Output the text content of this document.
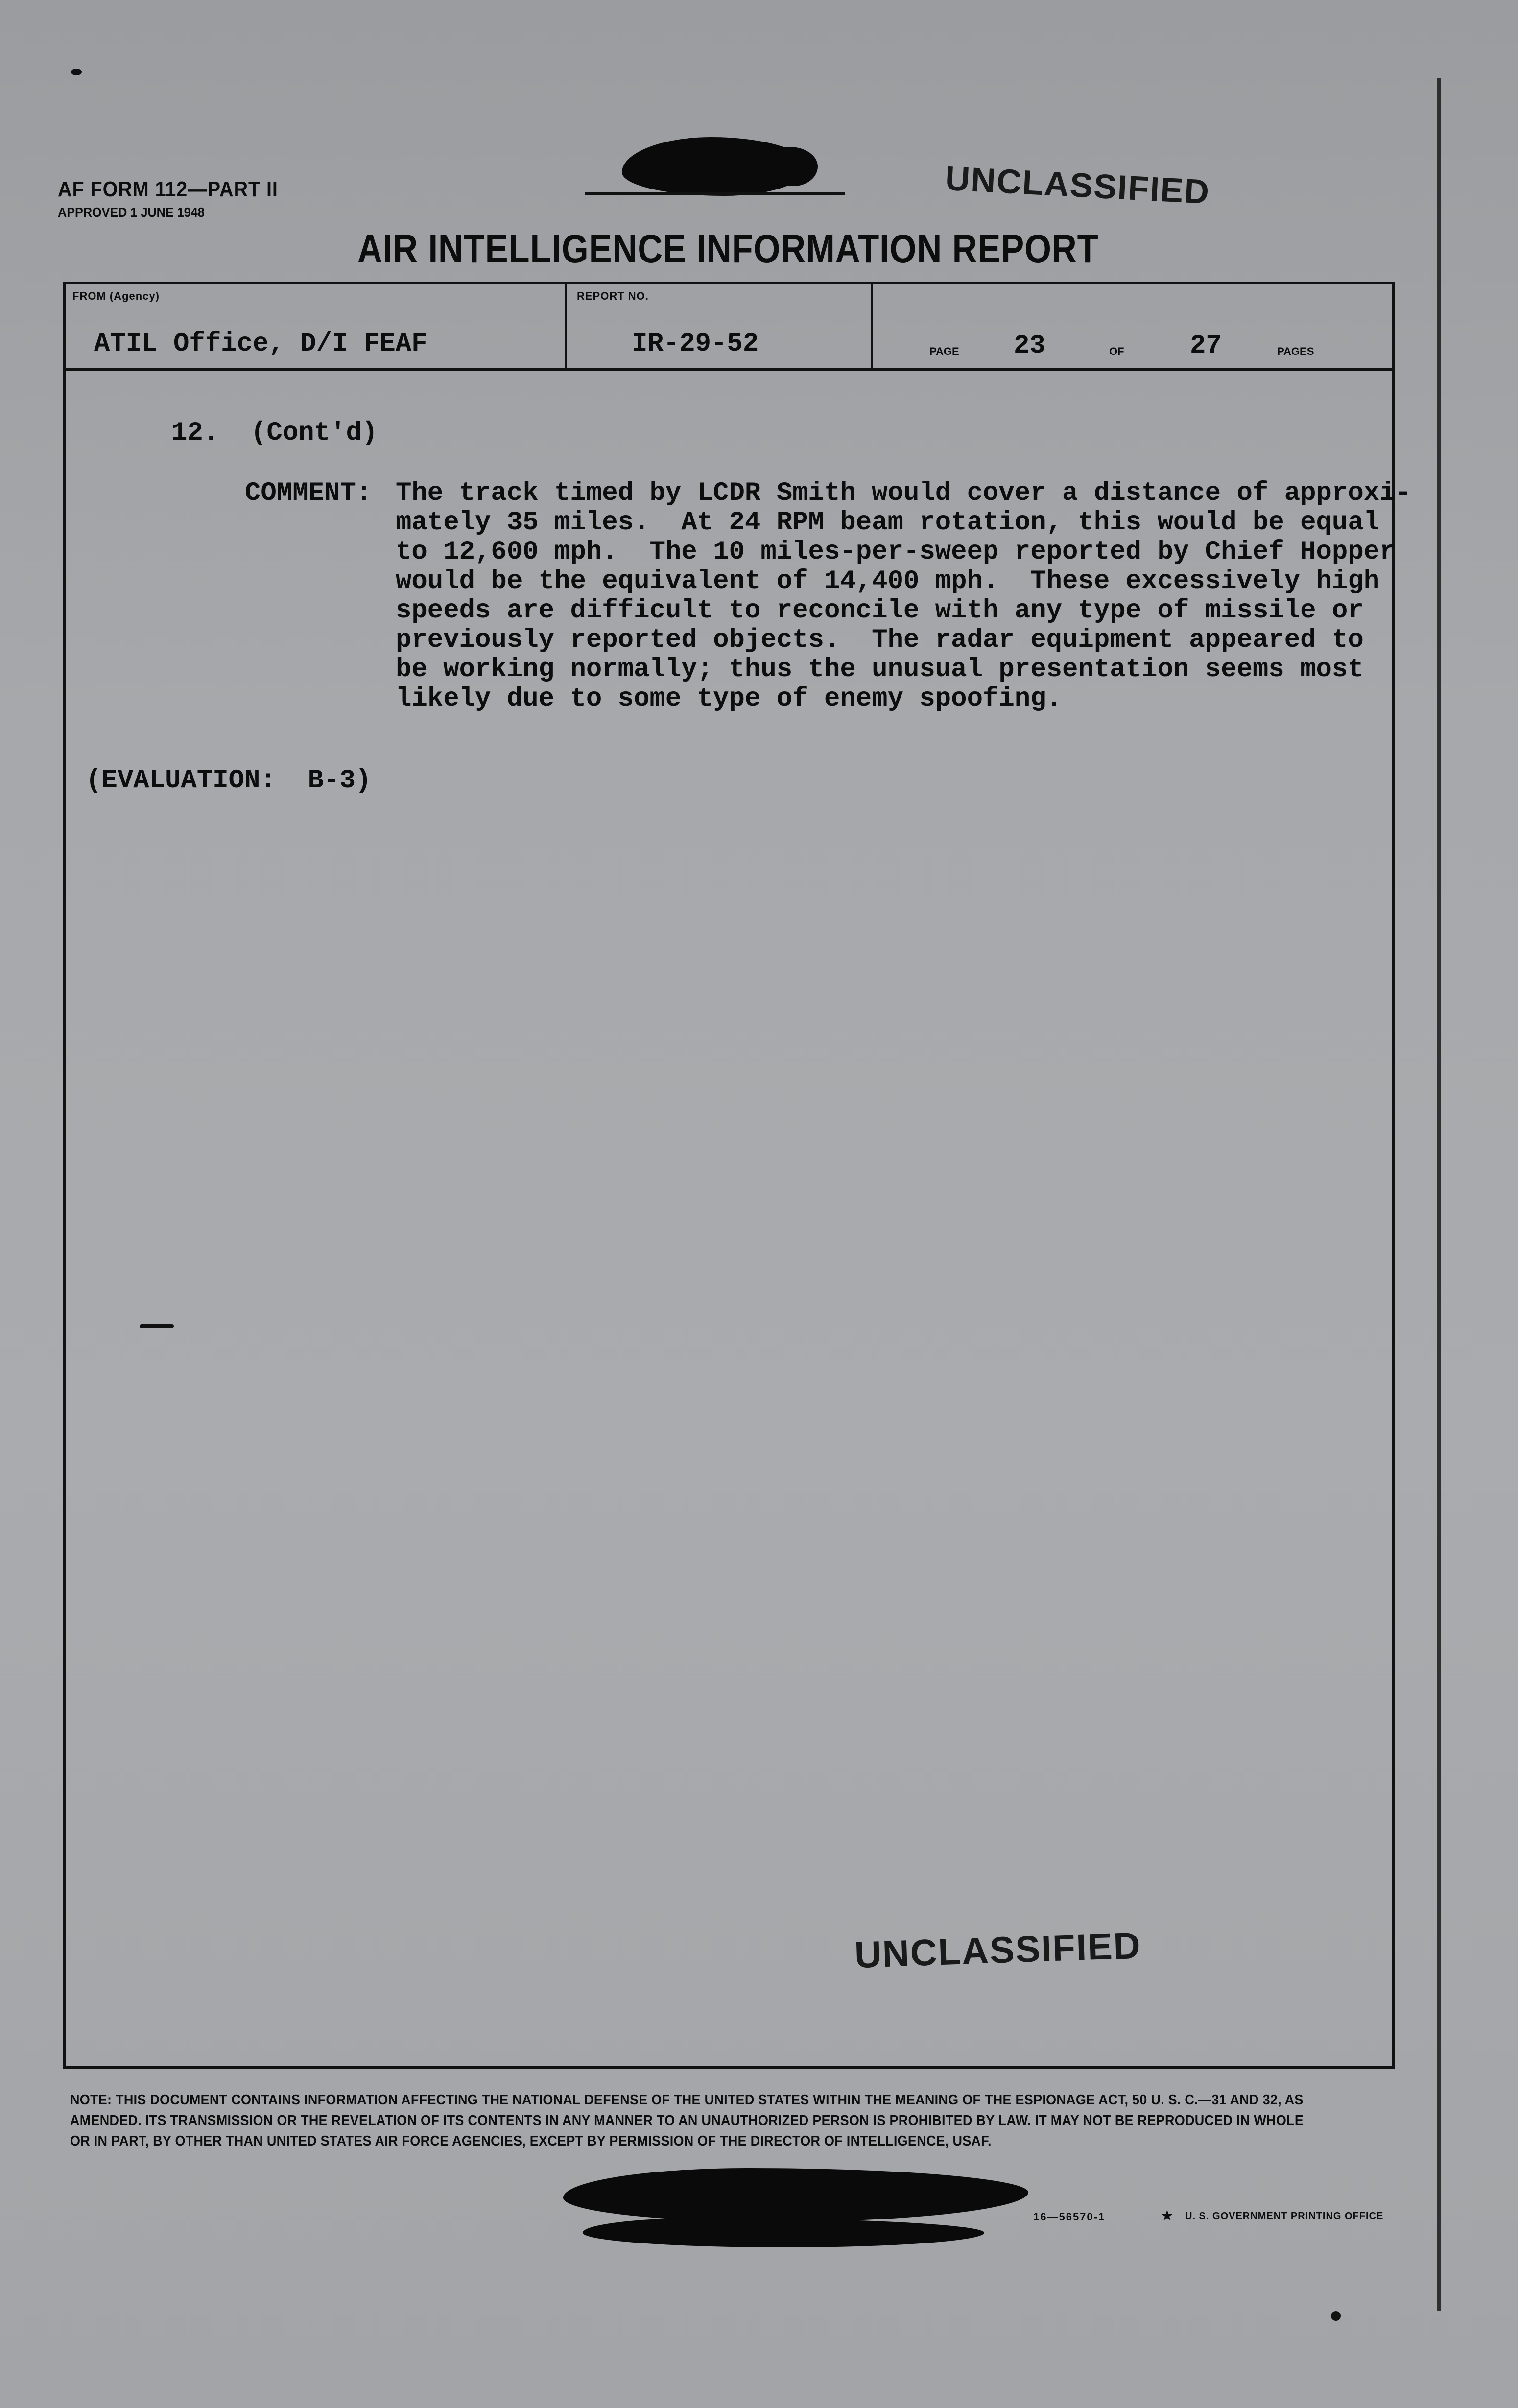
AF FORM 112—PART II
APPROVED 1 JUNE 1948
UNCLASSIFIED
AIR INTELLIGENCE INFORMATION REPORT
FROM (Agency)
ATIL Office, D/I FEAF
REPORT NO.
IR-29-52	PAGE 23	OF 27	PAGES
12.  (Cont'd)
COMMENT: The track timed by LCDR Smith would cover a distance of approxi-
mately 35 miles.  At 24 RPM beam rotation, this would be equal
to 12,600 mph.  The 10 miles-per-sweep reported by Chief Hopper
would be the equivalent of 14,400 mph.  These excessively high
speeds are difficult to reconcile with any type of missile or
previously reported objects.  The radar equipment appeared to
be working normally; thus the unusual presentation seems most
likely due to some type of enemy spoofing.
(EVALUATION:  B-3)
UNCLASSIFIED
NOTE: THIS DOCUMENT CONTAINS INFORMATION AFFECTING THE NATIONAL DEFENSE OF THE UNITED STATES WITHIN THE MEANING OF THE ESPIONAGE ACT, 50 U. S. C.—31 AND 32, AS AMENDED. ITS TRANSMISSION OR THE REVELATION OF ITS CONTENTS IN ANY MANNER TO AN UNAUTHORIZED PERSON IS PROHIBITED BY LAW. IT MAY NOT BE REPRODUCED IN WHOLE OR IN PART, BY OTHER THAN UNITED STATES AIR FORCE AGENCIES, EXCEPT BY PERMISSION OF THE DIRECTOR OF INTELLIGENCE, USAF.
16—56570-1	★ U. S. GOVERNMENT PRINTING OFFICE
